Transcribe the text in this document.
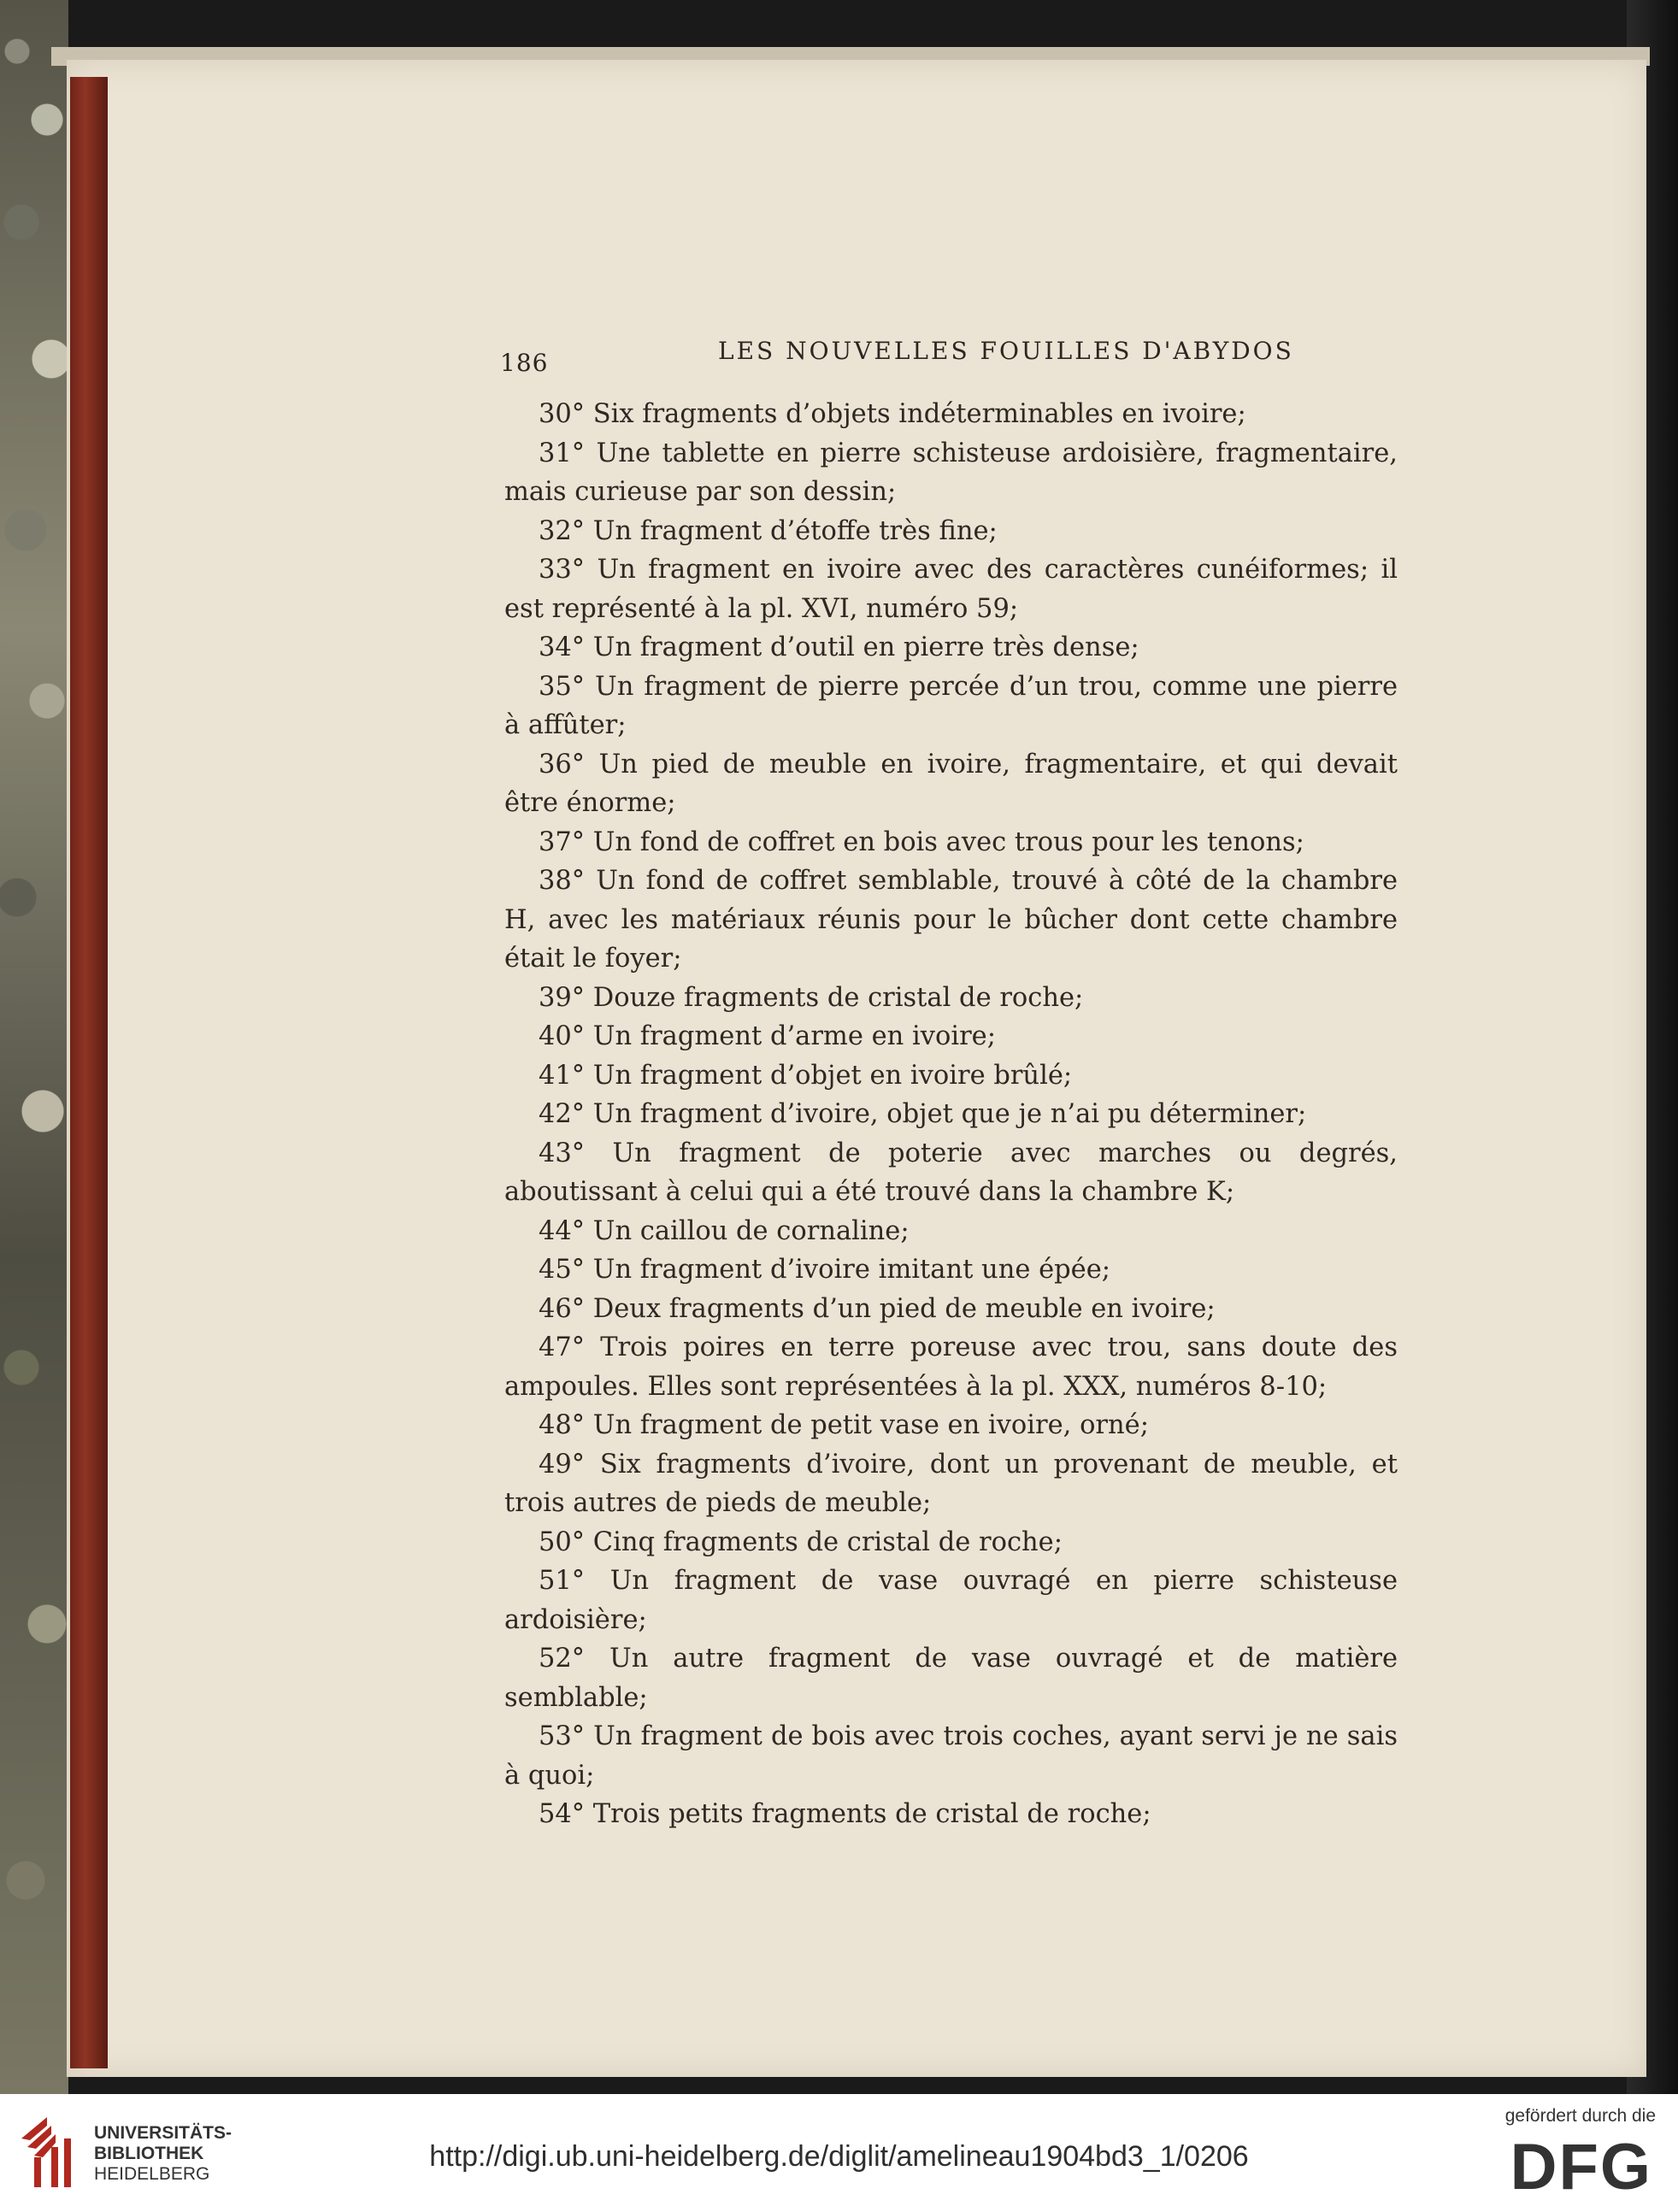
186	LES NOUVELLES FOUILLES D'ABYDOS

30° Six fragments d’objets indéterminables en ivoire;

31° Une tablette en pierre schisteuse ardoisière, fragmentaire, mais curieuse par son dessin;

32° Un fragment d’étoffe très fine;

33° Un fragment en ivoire avec des caractères cunéiformes; il est représenté à la pl. XVI, numéro 59;

34° Un fragment d’outil en pierre très dense;

35° Un fragment de pierre percée d’un trou, comme une pierre à affûter;

36° Un pied de meuble en ivoire, fragmentaire, et qui devait être énorme;

37° Un fond de coffret en bois avec trous pour les tenons;

38° Un fond de coffret semblable, trouvé à côté de la chambre H, avec les matériaux réunis pour le bûcher dont cette chambre était le foyer;

39° Douze fragments de cristal de roche;

40° Un fragment d’arme en ivoire;

41° Un fragment d’objet en ivoire brûlé;

42° Un fragment d’ivoire, objet que je n’ai pu déterminer;

43° Un fragment de poterie avec marches ou degrés, aboutissant à celui qui a été trouvé dans la chambre K;

44° Un caillou de cornaline;

45° Un fragment d’ivoire imitant une épée;

46° Deux fragments d’un pied de meuble en ivoire;

47° Trois poires en terre poreuse avec trou, sans doute des ampoules. Elles sont représentées à la pl. XXX, numéros 8-10;

48° Un fragment de petit vase en ivoire, orné;

49° Six fragments d’ivoire, dont un provenant de meuble, et trois autres de pieds de meuble;

50° Cinq fragments de cristal de roche;

51° Un fragment de vase ouvragé en pierre schisteuse ardoisière;

52° Un autre fragment de vase ouvragé et de matière semblable;

53° Un fragment de bois avec trois coches, ayant servi je ne sais à quoi;

54° Trois petits fragments de cristal de roche;

UNIVERSITÄTS-
BIBLIOTHEK
HEIDELBERG
http://digi.ub.uni-heidelberg.de/diglit/amelineau1904bd3_1/0206
gefördert durch die
DFG
